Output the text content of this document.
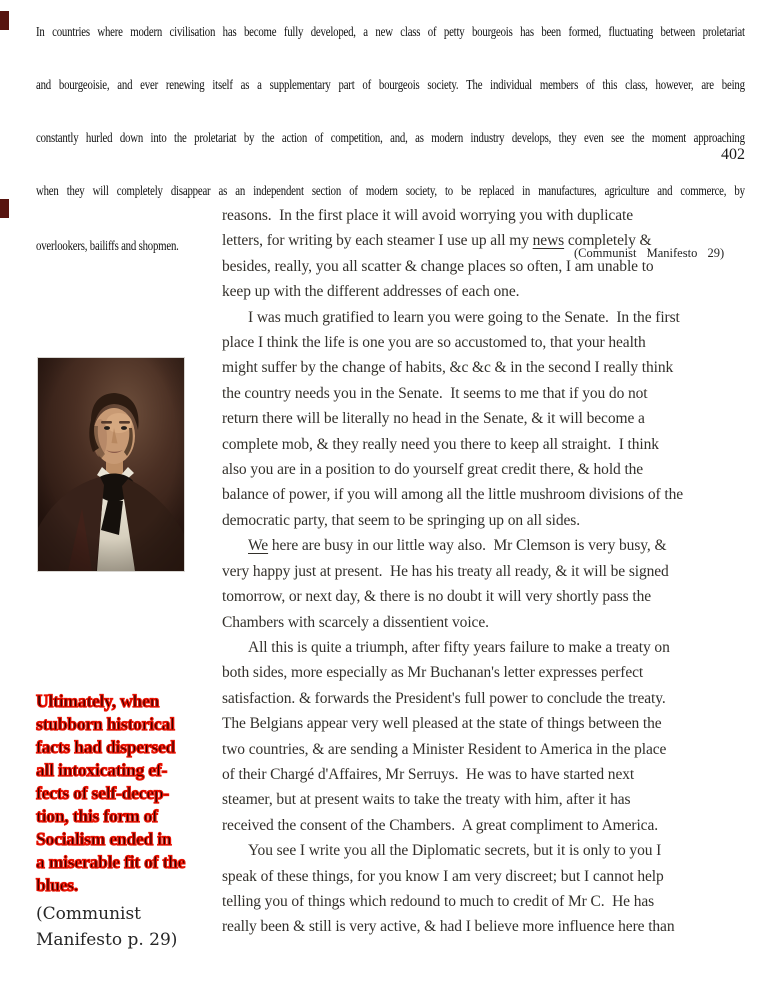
In countries where modern civilisation has become fully developed, a new class of petty bourgeois has been formed, fluctuating between proletariat
and bourgeoisie, and ever renewing itself as a supplementary part of bourgeois society. The individual members of this class, however, are being
constantly hurled down into the proletariat by the action of competition, and, as modern industry develops, they even see the moment approaching
when they will completely disappear as an independent section of modern society, to be replaced in manufactures, agriculture and commerce, by
402
overlookers, bailiffs and shopmen.	(Communist Manifesto 29)
reasons.  In the first place it will avoid worrying you with duplicate
letters, for writing by each steamer I use up all my news completely &
besides, really, you all scatter & change places so often, I am unable to
keep up with the different addresses of each one.
I was much gratified to learn you were going to the Senate.  In the first
place I think the life is one you are so accustomed to, that your health
might suffer by the change of habits, &c &c & in the second I really think
the country needs you in the Senate.  It seems to me that if you do not
return there will be literally no head in the Senate, & it will become a
complete mob, & they really need you there to keep all straight.  I think
also you are in a position to do yourself great credit there, & hold the
balance of power, if you will among all the little mushroom divisions of the
democratic party, that seem to be springing up on all sides.
We here are busy in our little way also.  Mr Clemson is very busy, &
very happy just at present.  He has his treaty all ready, & it will be signed
tomorrow, or next day, & there is no doubt it will very shortly pass the
Chambers with scarcely a dissentient voice.
All this is quite a triumph, after fifty years failure to make a treaty on
both sides, more especially as Mr Buchanan's letter expresses perfect
satisfaction. & forwards the President's full power to conclude the treaty.
The Belgians appear very well pleased at the state of things between the
two countries, & are sending a Minister Resident to America in the place
of their Chargé d'Affaires, Mr Serruys.  He was to have started next
steamer, but at present waits to take the treaty with him, after it has
received the consent of the Chambers.  A great compliment to America.
You see I write you all the Diplomatic secrets, but it is only to you I
speak of these things, for you know I am very discreet; but I cannot help
telling you of things which redound to much to credit of Mr C.  He has
really been & still is very active, & had I believe more influence here than
Ultimately, when
stubborn historical
facts had dispersed
all intoxicating ef-
fects of self-decep-
tion, this form of
Socialism ended in
a miserable fit of the
blues.
(Communist
Manifesto p. 29)
